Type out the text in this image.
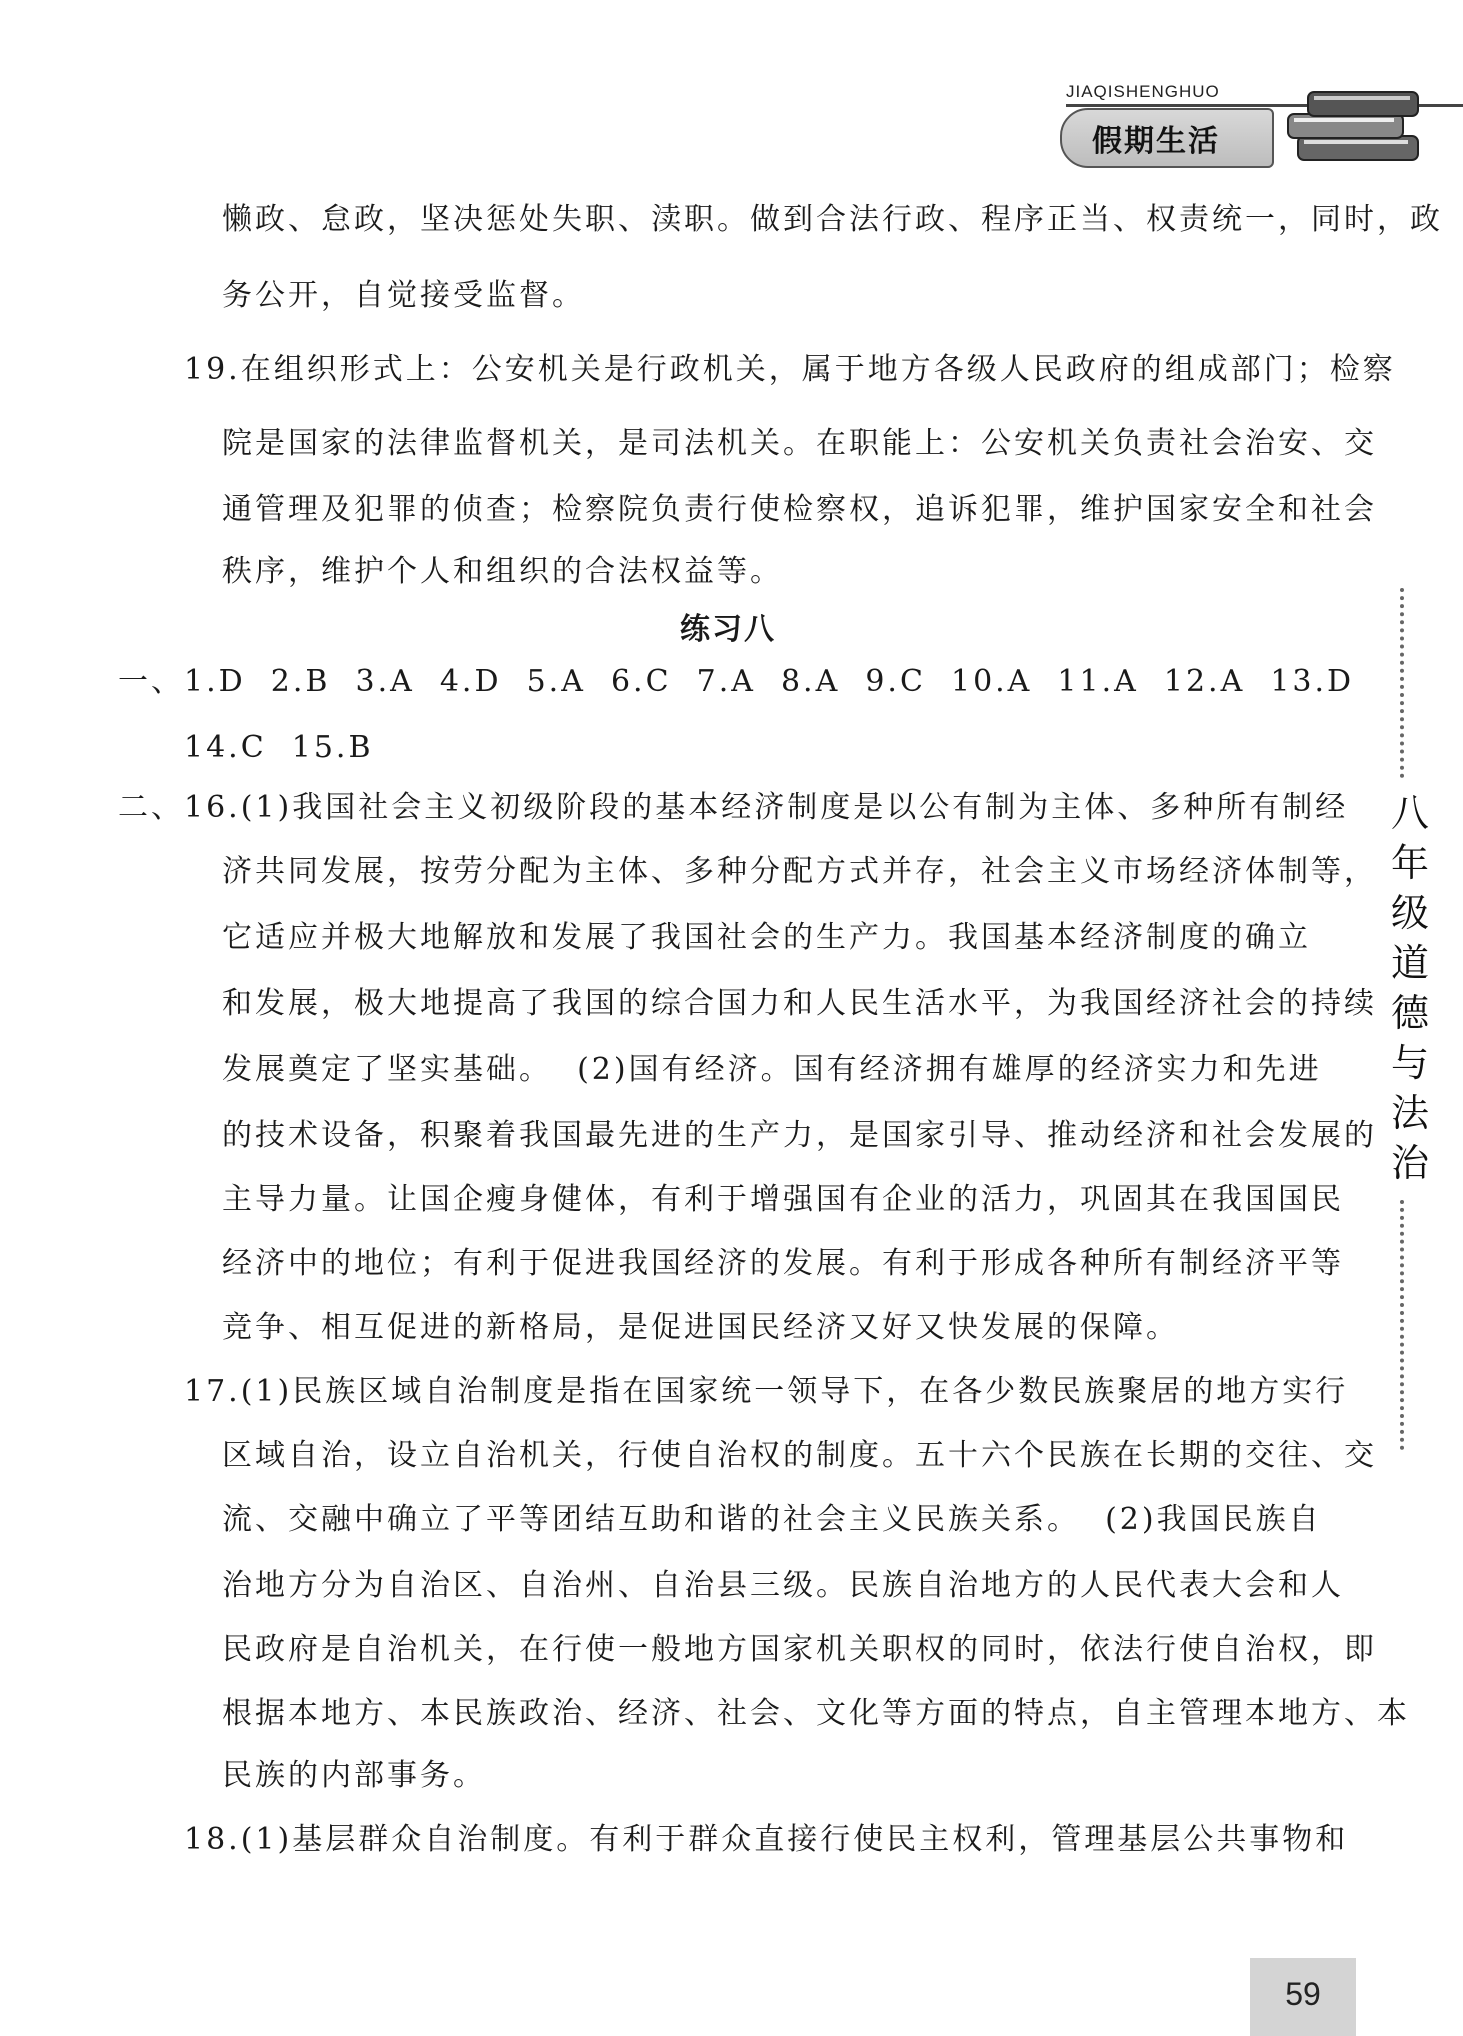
JIAQISHENGHUO
假期生活
懒政、怠政，坚决惩处失职、渎职。做到合法行政、程序正当、权责统一，同时，政
务公开，自觉接受监督。
19.在组织形式上：公安机关是行政机关，属于地方各级人民政府的组成部门；检察
院是国家的法律监督机关，是司法机关。在职能上：公安机关负责社会治安、交
通管理及犯罪的侦查；检察院负责行使检察权，追诉犯罪，维护国家安全和社会
秩序，维护个人和组织的合法权益等。
练习八
一、1.D  2.B  3.A  4.D  5.A  6.C  7.A  8.A  9.C  10.A  11.A  12.A  13.D
14.C  15.B
二、16.(1)我国社会主义初级阶段的基本经济制度是以公有制为主体、多种所有制经
济共同发展，按劳分配为主体、多种分配方式并存，社会主义市场经济体制等，
它适应并极大地解放和发展了我国社会的生产力。我国基本经济制度的确立
和发展，极大地提高了我国的综合国力和人民生活水平，为我国经济社会的持续
发展奠定了坚实基础。  (2)国有经济。国有经济拥有雄厚的经济实力和先进
的技术设备，积聚着我国最先进的生产力，是国家引导、推动经济和社会发展的
主导力量。让国企瘦身健体，有利于增强国有企业的活力，巩固其在我国国民
经济中的地位；有利于促进我国经济的发展。有利于形成各种所有制经济平等
竞争、相互促进的新格局，是促进国民经济又好又快发展的保障。
17.(1)民族区域自治制度是指在国家统一领导下，在各少数民族聚居的地方实行
区域自治，设立自治机关，行使自治权的制度。五十六个民族在长期的交往、交
流、交融中确立了平等团结互助和谐的社会主义民族关系。  (2)我国民族自
治地方分为自治区、自治州、自治县三级。民族自治地方的人民代表大会和人
民政府是自治机关，在行使一般地方国家机关职权的同时，依法行使自治权，即
根据本地方、本民族政治、经济、社会、文化等方面的特点，自主管理本地方、本
民族的内部事务。
18.(1)基层群众自治制度。有利于群众直接行使民主权利，管理基层公共事物和
八年级道德与法治
59
